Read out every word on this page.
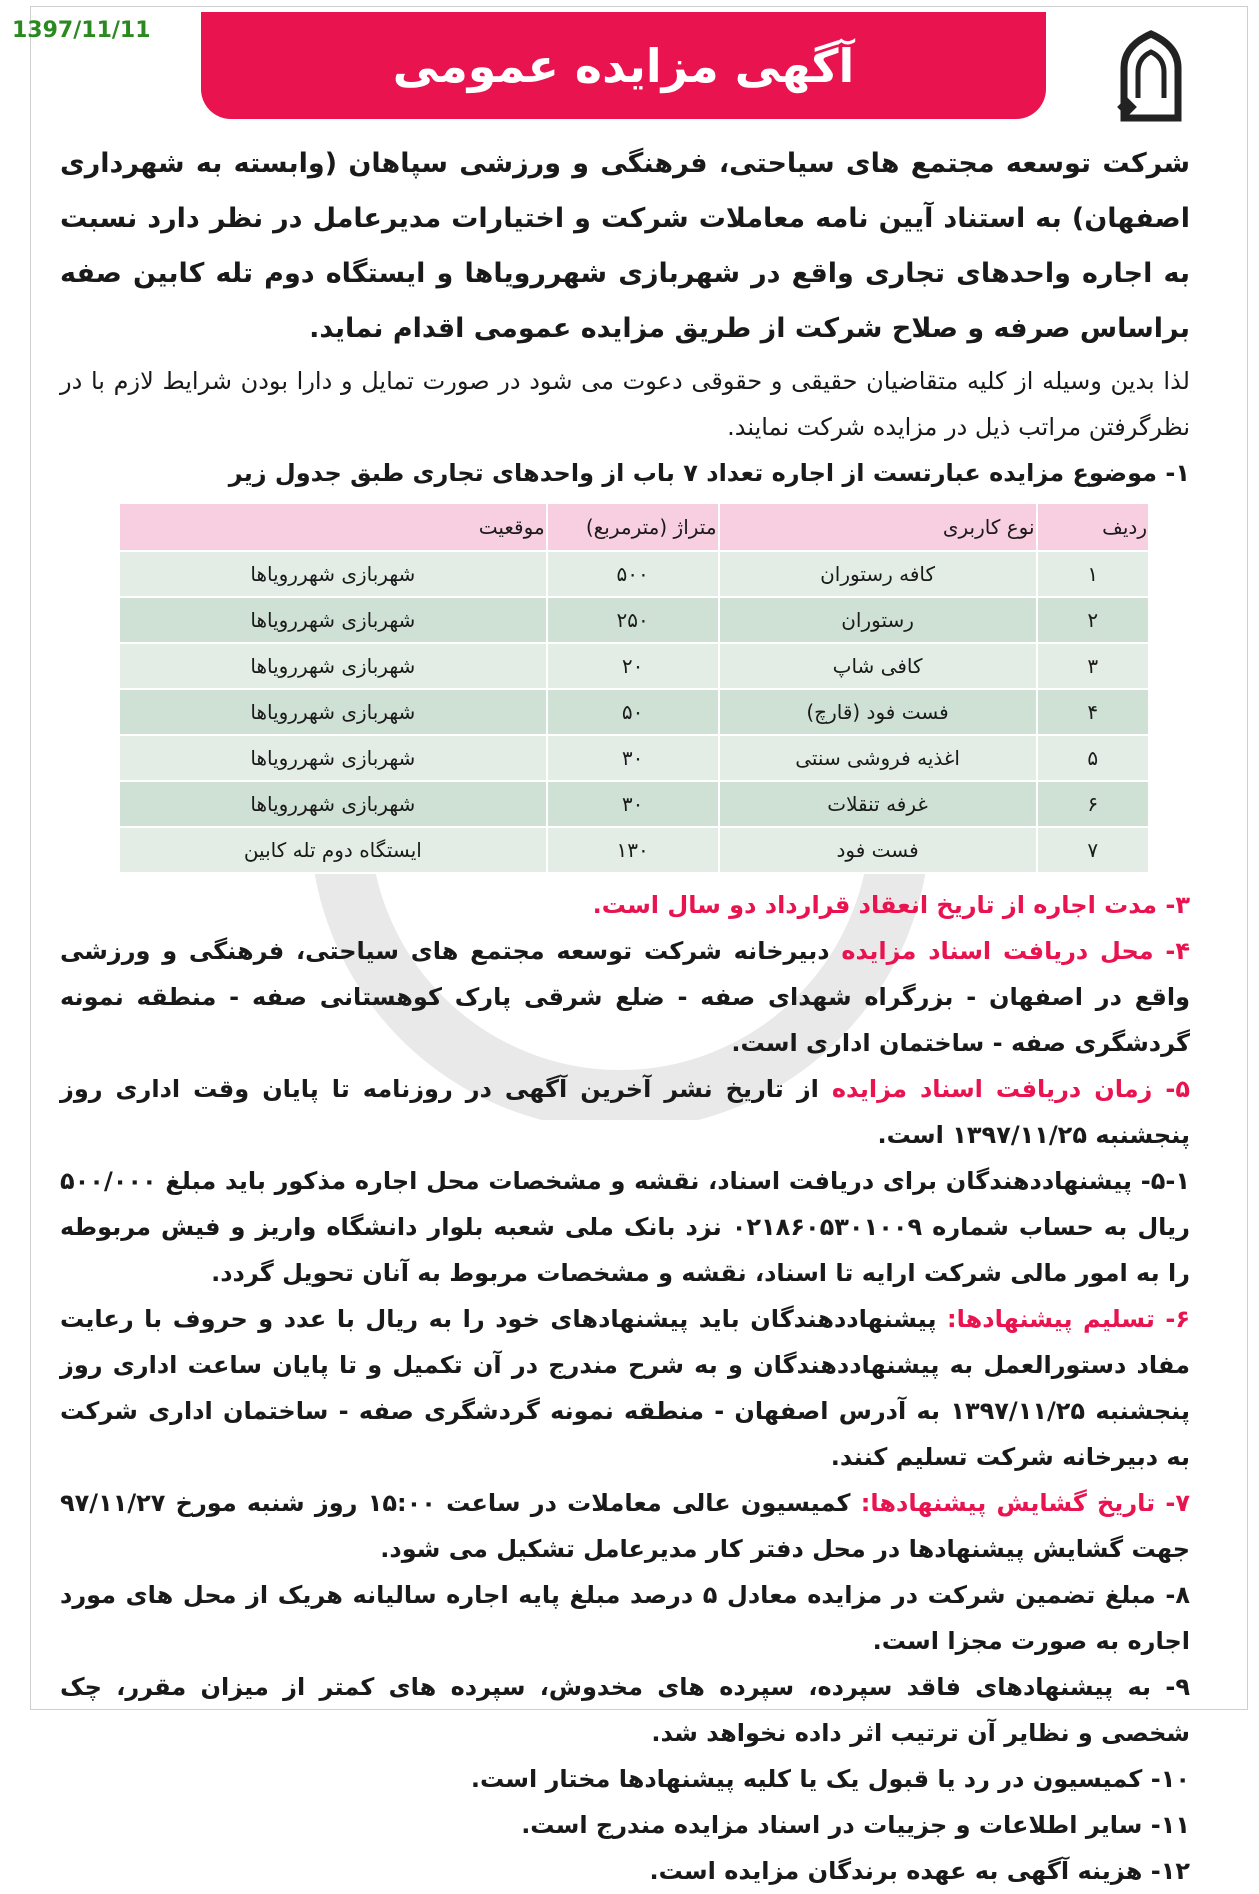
1397/11/11
آگهی مزایده عمومی
شرکت توسعه مجتمع های سیاحتی، فرهنگی و ورزشی سپاهان (وابسته به شهرداری اصفهان) به استناد آیین نامه معاملات شرکت و اختیارات مدیرعامل در نظر دارد نسبت به اجاره واحدهای تجاری واقع در شهربازی شهررویاها و ایستگاه دوم تله کابین صفه براساس صرفه و صلاح شرکت از طریق مزایده عمومی اقدام نماید.
لذا بدین وسیله از کلیه متقاضیان حقیقی و حقوقی دعوت می شود در صورت تمایل و دارا بودن شرایط لازم با در نظرگرفتن مراتب ذیل در مزایده شرکت نمایند.
۱- موضوع مزایده عبارتست از اجاره تعداد ۷ باب از واحدهای تجاری طبق جدول زیر
ردیف	نوع کاربری	متراژ (مترمربع)	موقعیت
۱	کافه رستوران	۵۰۰	شهربازی شهررویاها
۲	رستوران	۲۵۰	شهربازی شهررویاها
۳	کافی شاپ	۲۰	شهربازی شهررویاها
۴	فست فود (قارچ)	۵۰	شهربازی شهررویاها
۵	اغذیه فروشی سنتی	۳۰	شهربازی شهررویاها
۶	غرفه تنقلات	۳۰	شهربازی شهررویاها
۷	فست فود	۱۳۰	ایستگاه دوم تله کابین
۳- مدت اجاره از تاریخ انعقاد قرارداد دو سال است.
۴- محل دریافت اسناد مزایده دبیرخانه شرکت توسعه مجتمع های سیاحتی، فرهنگی و ورزشی واقع در اصفهان - بزرگراه شهدای صفه - ضلع شرقی پارک کوهستانی صفه - منطقه نمونه گردشگری صفه - ساختمان اداری است.
۵- زمان دریافت اسناد مزایده از تاریخ نشر آخرین آگهی در روزنامه تا پایان وقت اداری روز پنجشنبه ۱۳۹۷/۱۱/۲۵ است.
۵-۱- پیشنهاددهندگان برای دریافت اسناد، نقشه و مشخصات محل اجاره مذکور باید مبلغ ۵۰۰/۰۰۰ ریال به حساب شماره ۰۲۱۸۶۰۵۳۰۱۰۰۹ نزد بانک ملی شعبه بلوار دانشگاه واریز و فیش مربوطه را به امور مالی شرکت ارایه تا اسناد، نقشه و مشخصات مربوط به آنان تحویل گردد.
۶- تسلیم پیشنهادها: پیشنهاددهندگان باید پیشنهادهای خود را به ریال با عدد و حروف با رعایت مفاد دستورالعمل به پیشنهاددهندگان و به شرح مندرج در آن تکمیل و تا پایان ساعت اداری روز پنجشنبه ۱۳۹۷/۱۱/۲۵ به آدرس اصفهان - منطقه نمونه گردشگری صفه - ساختمان اداری شرکت به دبیرخانه شرکت تسلیم کنند.
۷- تاریخ گشایش پیشنهادها: کمیسیون عالی معاملات در ساعت ۱۵:۰۰ روز شنبه مورخ ۹۷/۱۱/۲۷ جهت گشایش پیشنهادها در محل دفتر کار مدیرعامل تشکیل می شود.
۸- مبلغ تضمین شرکت در مزایده معادل ۵ درصد مبلغ پایه اجاره سالیانه هریک از محل های مورد اجاره به صورت مجزا است.
۹- به پیشنهادهای فاقد سپرده، سپرده های مخدوش، سپرده های کمتر از میزان مقرر، چک شخصی و نظایر آن ترتیب اثر داده نخواهد شد.
۱۰- کمیسیون در رد یا قبول یک یا کلیه پیشنهادها مختار است.
۱۱- سایر اطلاعات و جزییات در اسناد مزایده مندرج است.
۱۲- هزینه آگهی به عهده برندگان مزایده است.
